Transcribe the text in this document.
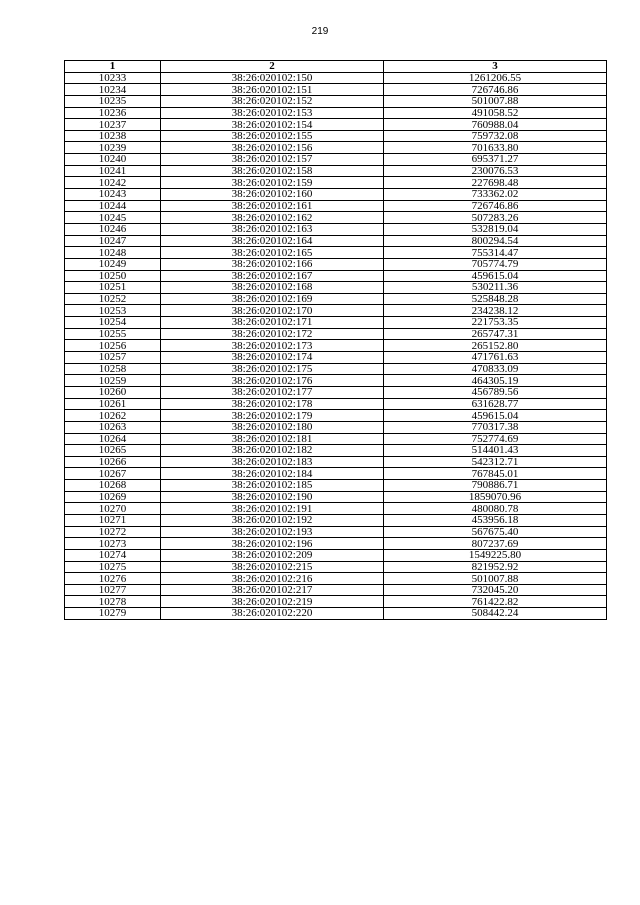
219
1	2	3
10233	38:26:020102:150	1261206.55
10234	38:26:020102:151	726746.86
10235	38:26:020102:152	501007.88
10236	38:26:020102:153	491058.52
10237	38:26:020102:154	760988.04
10238	38:26:020102:155	759732.08
10239	38:26:020102:156	701633.80
10240	38:26:020102:157	695371.27
10241	38:26:020102:158	230076.53
10242	38:26:020102:159	227698.48
10243	38:26:020102:160	733362.02
10244	38:26:020102:161	726746.86
10245	38:26:020102:162	507283.26
10246	38:26:020102:163	532819.04
10247	38:26:020102:164	800294.54
10248	38:26:020102:165	755314.47
10249	38:26:020102:166	705774.79
10250	38:26:020102:167	459615.04
10251	38:26:020102:168	530211.36
10252	38:26:020102:169	525848.28
10253	38:26:020102:170	234238.12
10254	38:26:020102:171	221753.35
10255	38:26:020102:172	265747.31
10256	38:26:020102:173	265152.80
10257	38:26:020102:174	471761.63
10258	38:26:020102:175	470833.09
10259	38:26:020102:176	464305.19
10260	38:26:020102:177	456789.56
10261	38:26:020102:178	631628.77
10262	38:26:020102:179	459615.04
10263	38:26:020102:180	770317.38
10264	38:26:020102:181	752774.69
10265	38:26:020102:182	514401.43
10266	38:26:020102:183	542312.71
10267	38:26:020102:184	767845.01
10268	38:26:020102:185	790886.71
10269	38:26:020102:190	1859070.96
10270	38:26:020102:191	480080.78
10271	38:26:020102:192	453956.18
10272	38:26:020102:193	567675.40
10273	38:26:020102:196	807237.69
10274	38:26:020102:209	1549225.80
10275	38:26:020102:215	821952.92
10276	38:26:020102:216	501007.88
10277	38:26:020102:217	732045.20
10278	38:26:020102:219	761422.82
10279	38:26:020102:220	508442.24
